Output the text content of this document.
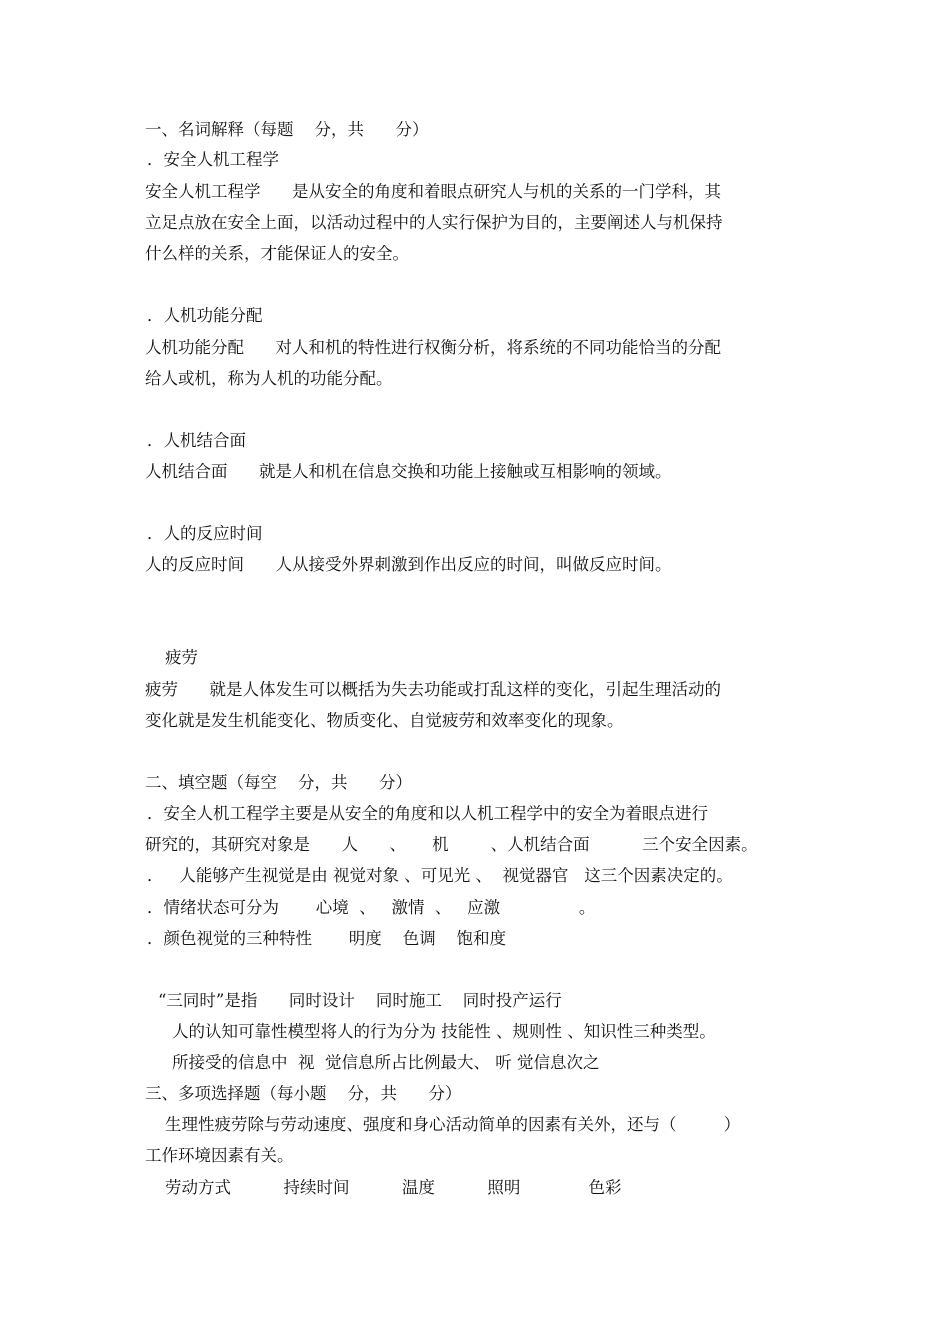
一、名词解释（每题    分，共      分）
．安全人机工程学
安全人机工程学      是从安全的角度和着眼点研究人与机的关系的一门学科，其
立足点放在安全上面，以活动过程中的人实行保护为目的，主要阐述人与机保持
什么样的关系，才能保证人的安全。
．人机功能分配
人机功能分配      对人和机的特性进行权衡分析，将系统的不同功能恰当的分配
给人或机，称为人机的功能分配。
．人机结合面
人机结合面      就是人和机在信息交换和功能上接触或互相影响的领域。
．人的反应时间
人的反应时间      人从接受外界刺激到作出反应的时间，叫做反应时间。
疲劳
疲劳      就是人体发生可以概括为失去功能或打乱这样的变化，引起生理活动的
变化就是发生机能变化、物质变化、自觉疲劳和效率变化的现象。
二、填空题（每空    分，共      分）
．安全人机工程学主要是从安全的角度和以人机工程学中的安全为着眼点进行
研究的，其研究对象是      人      、     机        、人机结合面          三个安全因素。
．   人能够产生视觉是由 视觉对象 、可见光 、  视觉器官   这三个因素决定的。
．情绪状态可分为       心境  、   激情  、   应激               。
．颜色视觉的三种特性       明度    色调    饱和度
“三同时”是指      同时设计    同时施工    同时投产运行
人的认知可靠性模型将人的行为分为 技能性 、规则性 、知识性三种类型。
所接受的信息中  视  觉信息所占比例最大、 听 觉信息次之
三、多项选择题（每小题    分，共      分）
生理性疲劳除与劳动速度、强度和身心活动简单的因素有关外，还与（         ）
工作环境因素有关。
劳动方式          持续时间          温度          照明             色彩
